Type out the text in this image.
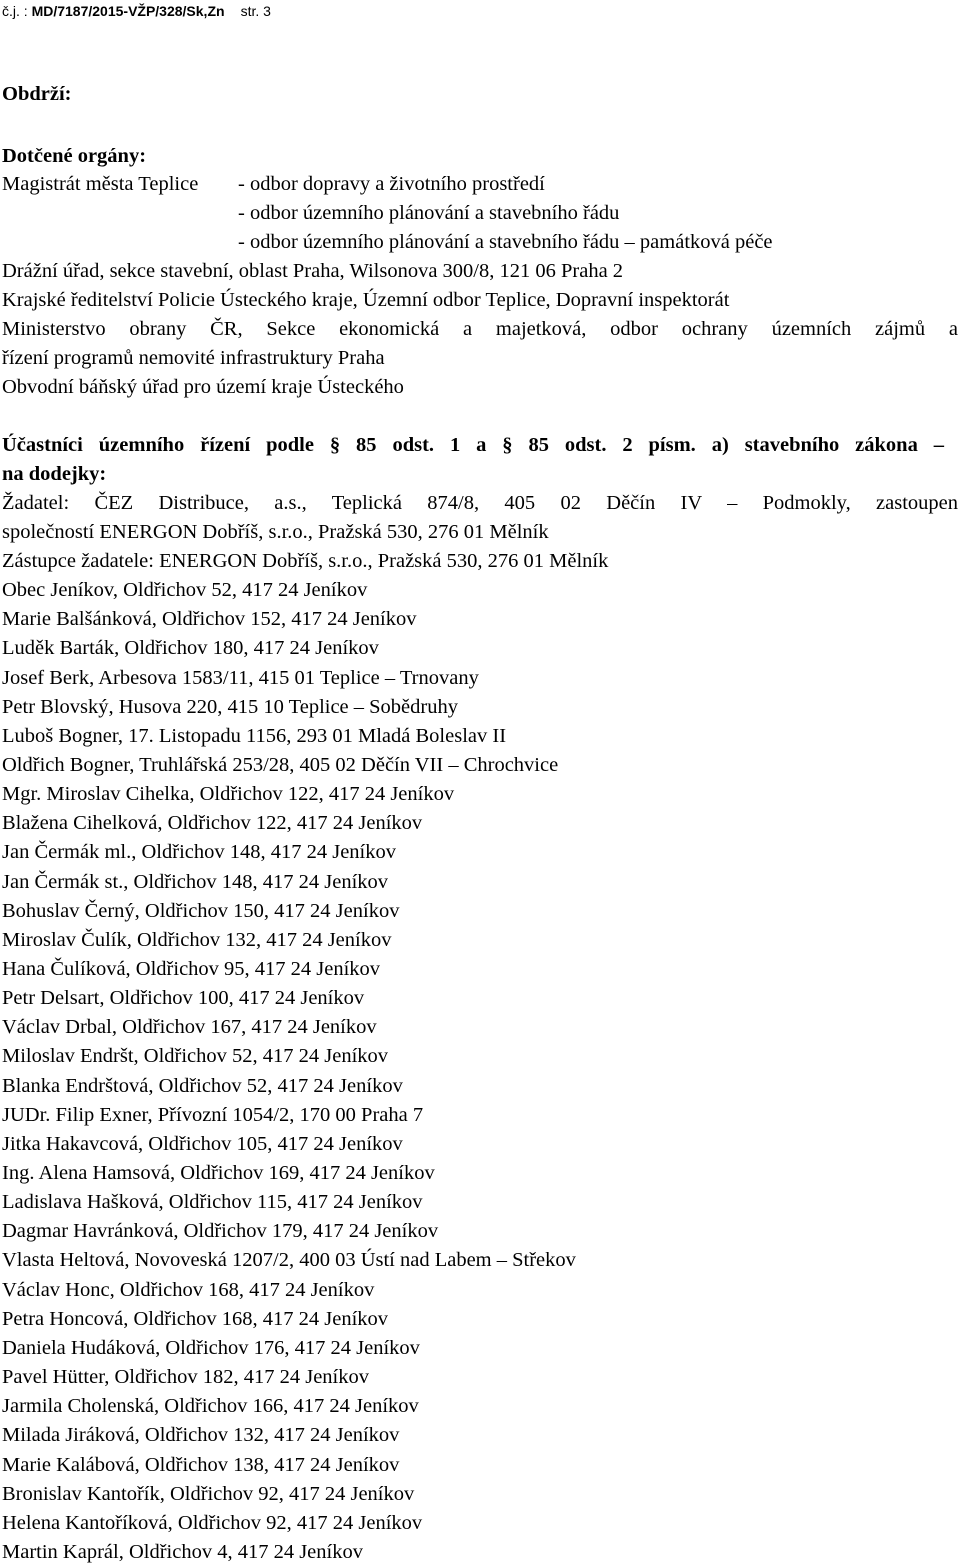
č.j. : MD/7187/2015-VŽP/328/Sk,Zn str. 3
Obdrží:
Dotčené orgány:
Magistrát města Teplice	- odbor dopravy a životního prostředí
- odbor územního plánování a stavebního řádu
- odbor územního plánování a stavebního řádu – památková péče
Drážní úřad, sekce stavební, oblast Praha, Wilsonova 300/8, 121 06 Praha 2
Krajské ředitelství Policie Ústeckého kraje, Územní odbor Teplice, Dopravní inspektorát
Ministerstvo obrany ČR, Sekce ekonomická a majetková, odbor ochrany územních zájmů a
řízení programů nemovité infrastruktury Praha
Obvodní báňský úřad pro území kraje Ústeckého
Účastníci územního řízení podle § 85 odst. 1 a § 85 odst. 2 písm. a) stavebního zákona –
na dodejky:
Žadatel: ČEZ Distribuce, a.s., Teplická 874/8, 405 02 Děčín IV – Podmokly, zastoupen
společností ENERGON Dobříš, s.r.o., Pražská 530, 276 01 Mělník
Zástupce žadatele: ENERGON Dobříš, s.r.o., Pražská 530, 276 01 Mělník
Obec Jeníkov, Oldřichov 52, 417 24 Jeníkov
Marie Balšánková, Oldřichov 152, 417 24 Jeníkov
Luděk Barták, Oldřichov 180, 417 24 Jeníkov
Josef Berk, Arbesova 1583/11, 415 01 Teplice – Trnovany
Petr Blovský, Husova 220, 415 10 Teplice – Sobědruhy
Luboš Bogner, 17. Listopadu 1156, 293 01 Mladá Boleslav II
Oldřich Bogner, Truhlářská 253/28, 405 02 Děčín VII – Chrochvice
Mgr. Miroslav Cihelka, Oldřichov 122, 417 24 Jeníkov
Blažena Cihelková, Oldřichov 122, 417 24 Jeníkov
Jan Čermák ml., Oldřichov 148, 417 24 Jeníkov
Jan Čermák st., Oldřichov 148, 417 24 Jeníkov
Bohuslav Černý, Oldřichov 150, 417 24 Jeníkov
Miroslav Čulík, Oldřichov 132, 417 24 Jeníkov
Hana Čulíková, Oldřichov 95, 417 24 Jeníkov
Petr Delsart, Oldřichov 100, 417 24 Jeníkov
Václav Drbal, Oldřichov 167, 417 24 Jeníkov
Miloslav Endršt, Oldřichov 52, 417 24 Jeníkov
Blanka Endrštová, Oldřichov 52, 417 24 Jeníkov
JUDr. Filip Exner, Přívozní 1054/2, 170 00 Praha 7
Jitka Hakavcová, Oldřichov 105, 417 24 Jeníkov
Ing. Alena Hamsová, Oldřichov 169, 417 24 Jeníkov
Ladislava Hašková, Oldřichov 115, 417 24 Jeníkov
Dagmar Havránková, Oldřichov 179, 417 24 Jeníkov
Vlasta Heltová, Novoveská 1207/2, 400 03 Ústí nad Labem – Střekov
Václav Honc, Oldřichov 168, 417 24 Jeníkov
Petra Honcová, Oldřichov 168, 417 24 Jeníkov
Daniela Hudáková, Oldřichov 176, 417 24 Jeníkov
Pavel Hütter, Oldřichov 182, 417 24 Jeníkov
Jarmila Cholenská, Oldřichov 166, 417 24 Jeníkov
Milada Jiráková, Oldřichov 132, 417 24 Jeníkov
Marie Kalábová, Oldřichov 138, 417 24 Jeníkov
Bronislav Kantořík, Oldřichov 92, 417 24 Jeníkov
Helena Kantoříková, Oldřichov 92, 417 24 Jeníkov
Martin Kaprál, Oldřichov 4, 417 24 Jeníkov
